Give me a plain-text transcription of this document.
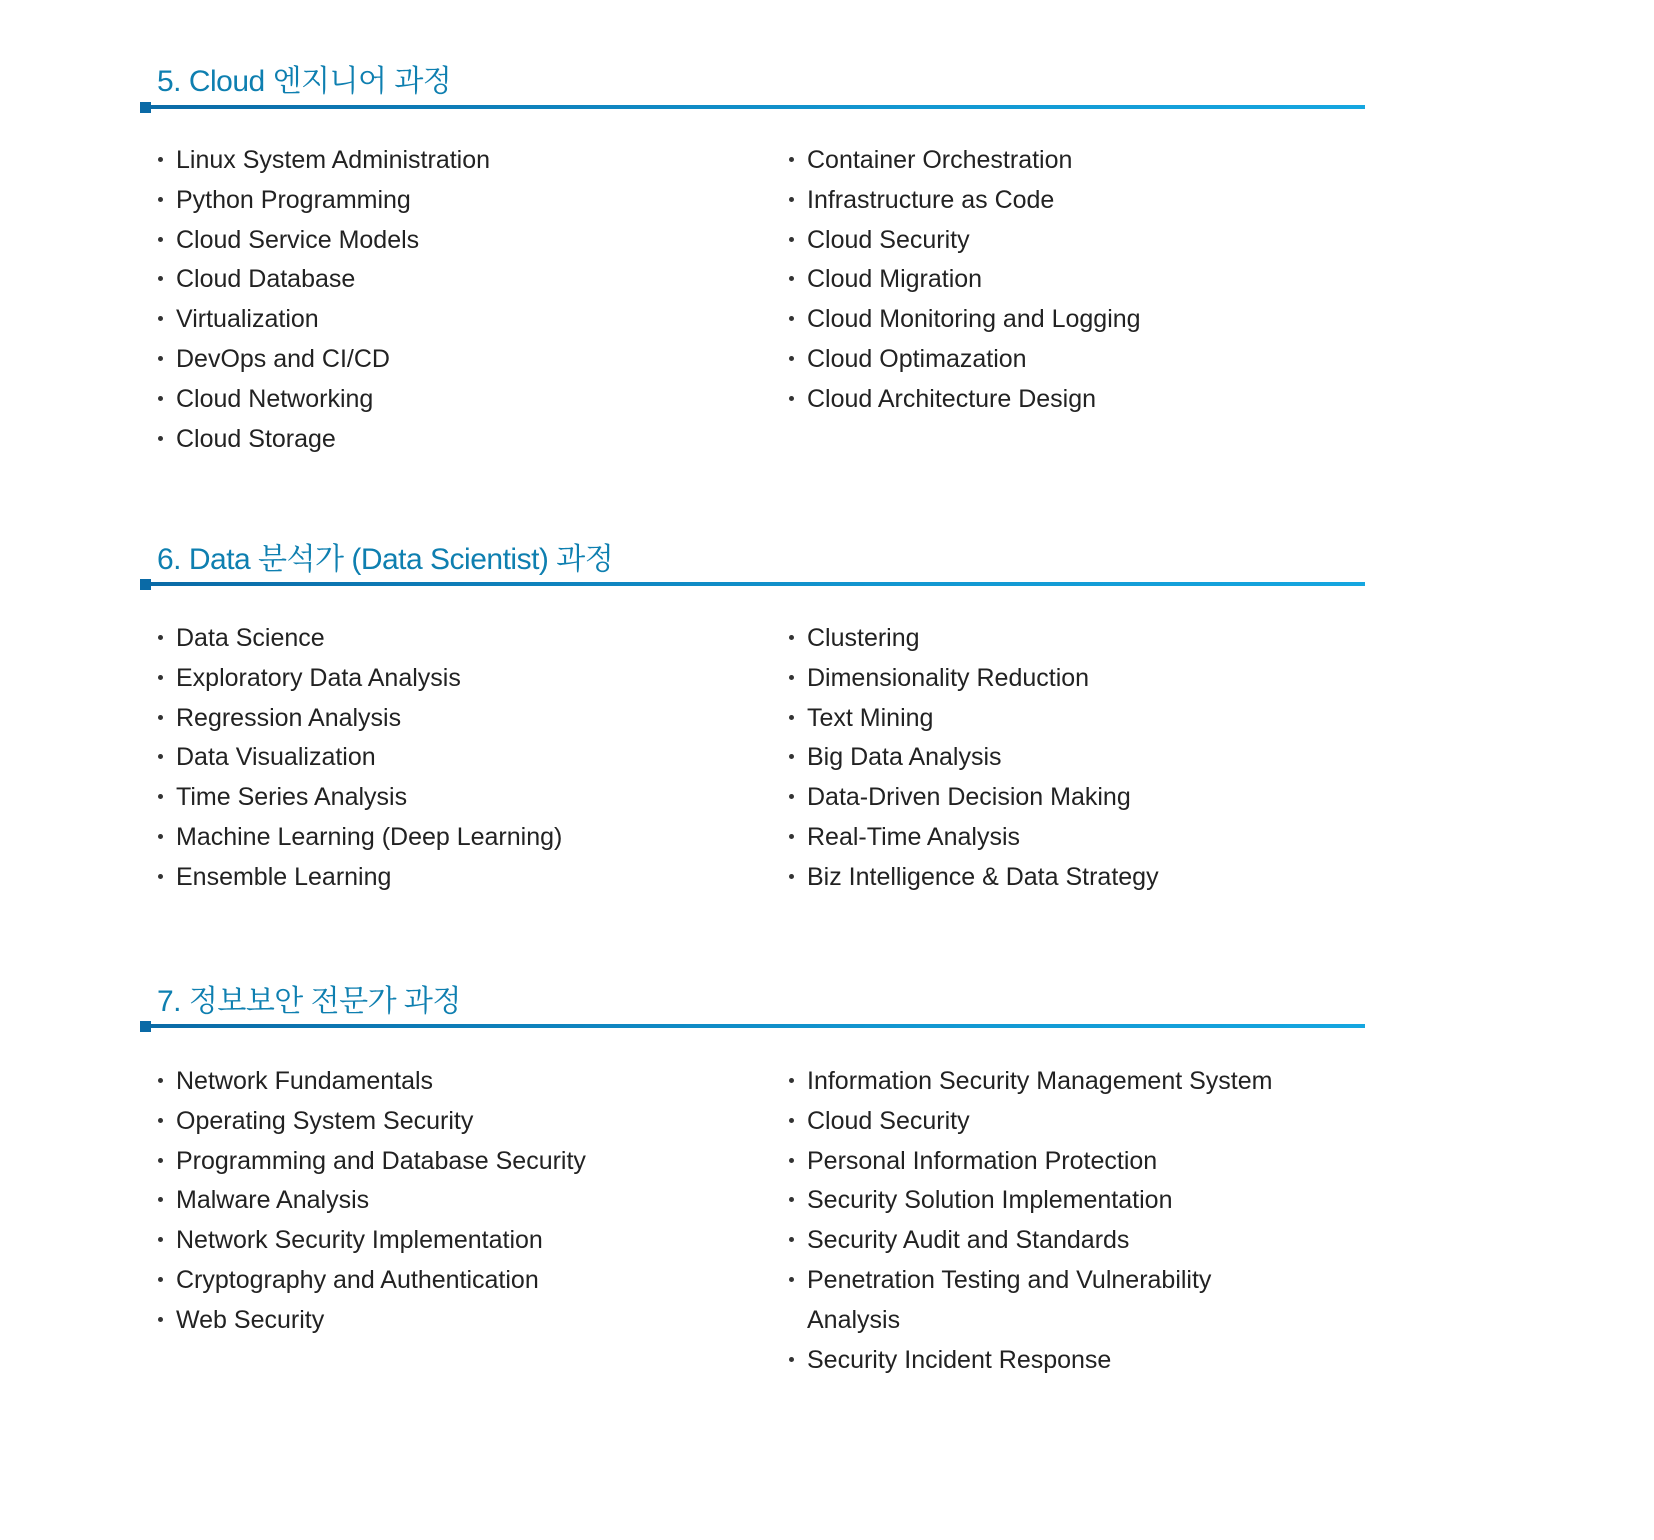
5. Cloud 엔지니어 과정
Linux System Administration
Python Programming
Cloud Service Models
Cloud Database
Virtualization
DevOps and CI/CD
Cloud Networking
Cloud Storage
Container Orchestration
Infrastructure as Code
Cloud Security
Cloud Migration
Cloud Monitoring and Logging
Cloud Optimazation
Cloud Architecture Design
6. Data 분석가 (Data Scientist) 과정
Data Science
Exploratory Data Analysis
Regression Analysis
Data Visualization
Time Series Analysis
Machine Learning (Deep Learning)
Ensemble Learning
Clustering
Dimensionality Reduction
Text Mining
Big Data Analysis
Data-Driven Decision Making
Real-Time Analysis
Biz Intelligence & Data Strategy
7. 정보보안 전문가 과정
Network Fundamentals
Operating System Security
Programming and Database Security
Malware Analysis
Network Security Implementation
Cryptography and Authentication
Web Security
Information Security Management System
Cloud Security
Personal Information Protection
Security Solution Implementation
Security Audit and Standards
Penetration Testing and Vulnerability Analysis
Security Incident Response
